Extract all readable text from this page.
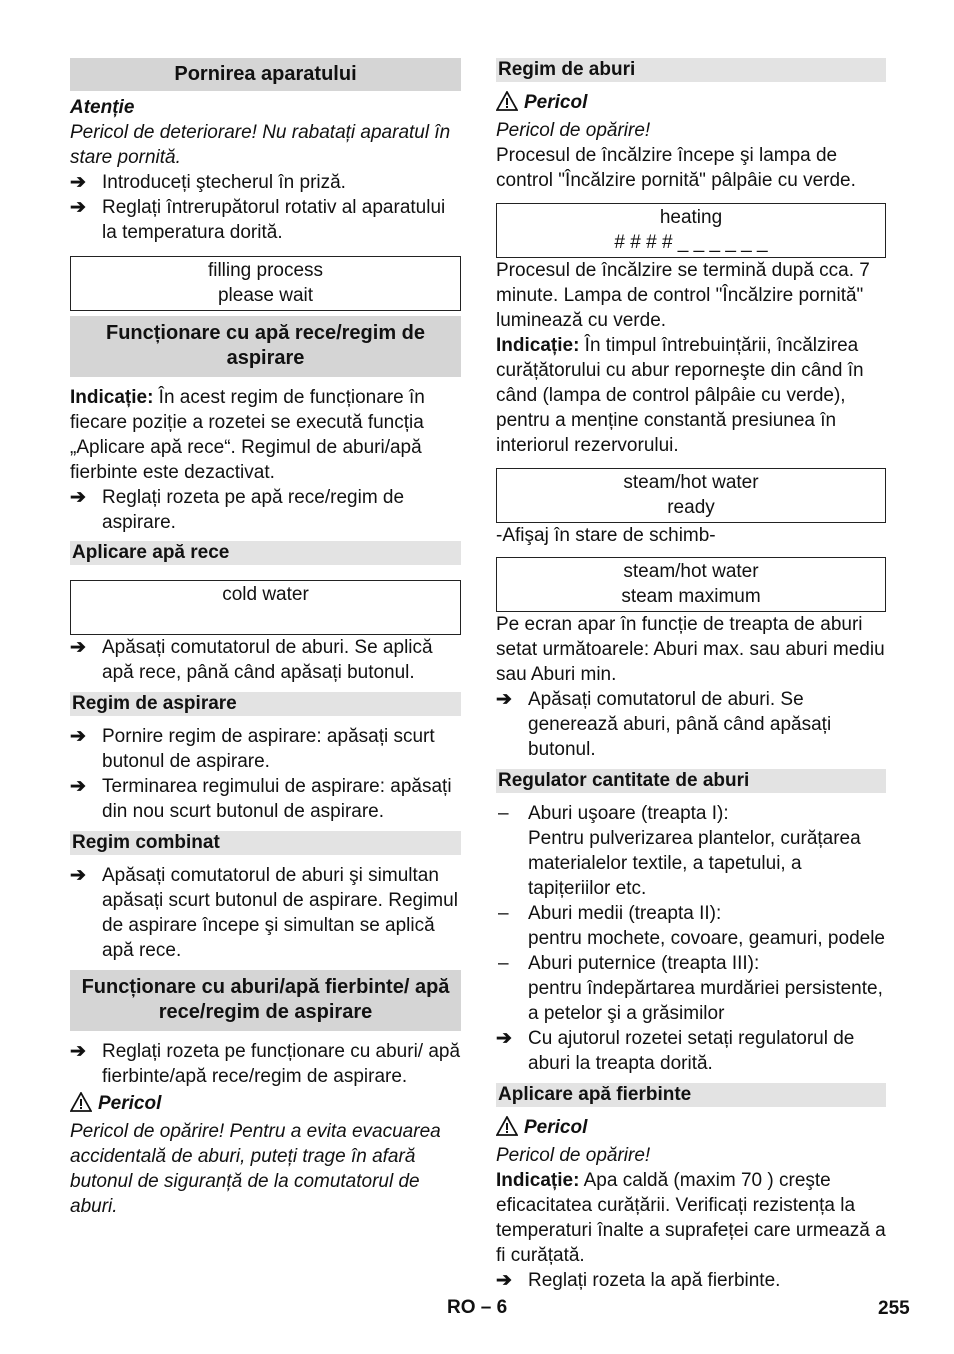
Pornirea aparatului

Atenție

Pericol de deteriorare! Nu rabatați aparatul în stare pornită.

➔ Introduceți ştecherul în priză.
➔ Reglați întrerupătorul rotativ al aparatului la temperatura dorită.
filling process
please wait
Funcționare cu apă rece/regim de aspirare

Indicație: În acest regim de funcționare în fiecare poziție a rozetei se execută funcția „Aplicare apă rece“. Regimul de aburi/apă fierbinte este dezactivat.

➔ Reglați rozeta pe apă rece/regim de aspirare.
Aplicare apă rece
cold water
➔ Apăsați comutatorul de aburi. Se aplică apă rece, până când apăsați butonul.
Regim de aspirare
➔ Pornire regim de aspirare: apăsați scurt butonul de aspirare.
➔ Terminarea regimului de aspirare: apăsați din nou scurt butonul de aspirare.
Regim combinat
➔ Apăsați comutatorul de aburi şi simultan apăsați scurt butonul de aspirare. Regimul de aspirare începe şi simultan se aplică apă rece.
Funcționare cu aburi/apă fierbinte/ apă rece/regim de aspirare
➔ Reglați rozeta pe funcționare cu aburi/ apă fierbinte/apă rece/regim de aspirare.

Pericol

Pericol de opărire! Pentru a evita evacuarea accidentală de aburi, puteți trage în afară butonul de siguranță de la comutatorul de aburi.

Regim de aburi

Pericol

Pericol de opărire!

Procesul de încălzire începe şi lampa de control "Încălzire pornită" pâlpâie cu verde.

heating
# # # # _ _ _ _ _ _

Procesul de încălzire se termină după cca. 7 minute. Lampa de control "Încălzire pornită" luminează cu verde.

Indicație: În timpul întrebuințării, încălzirea curățătorului cu abur reporneşte din când în când (lampa de control pâlpâie cu verde), pentru a menține constantă presiunea în interiorul rezervorului.

steam/hot water
ready

-Afişaj în stare de schimb-

steam/hot water
steam maximum

Pe ecran apar în funcție de treapta de aburi setat următoarele: Aburi max. sau aburi mediu sau Aburi min.

➔ Apăsați comutatorul de aburi. Se generează aburi, până când apăsați butonul.
Regulator cantitate de aburi
– Aburi uşoare (treapta I):
Pentru pulverizarea plantelor, curățarea materialelor textile, a tapetului, a tapițeriilor etc.
– Aburi medii (treapta II):
pentru mochete, covoare, geamuri, podele
– Aburi puternice (treapta III):
pentru îndepărtarea murdăriei persistente, a petelor şi a grăsimilor
➔ Cu ajutorul rozetei setați regulatorul de aburi la treapta dorită.
Aplicare apă fierbinte

Pericol

Pericol de opărire!

Indicație: Apa caldă (maxim 70 ) creşte eficacitatea curățării. Verificați rezistența la temperaturi înalte a suprafeței care urmează a fi curățată.

➔ Reglați rozeta la apă fierbinte.
RO – 6	255
